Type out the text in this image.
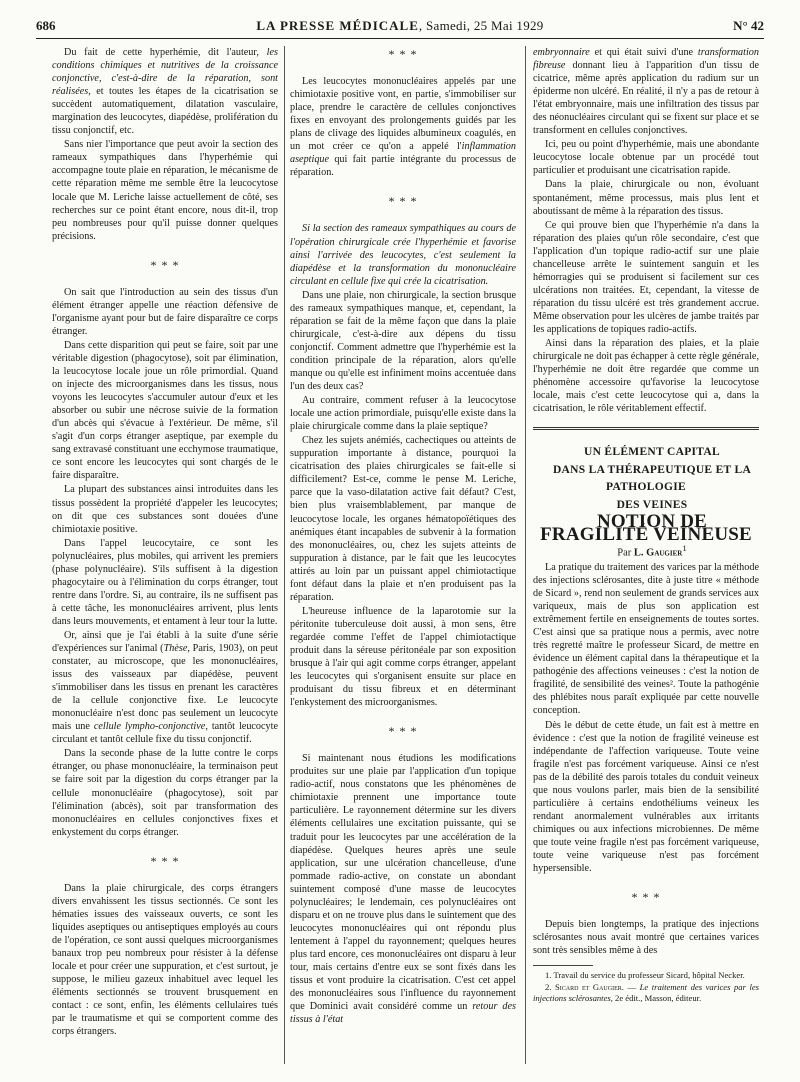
686	LA PRESSE MÉDICALE, Samedi, 25 Mai 1929	N° 42

Du fait de cette hyperhémie, dit l'auteur, les conditions chimiques et nutritives de la croissance conjonctive, c'est-à-dire de la réparation, sont réalisées, et toutes les étapes de la cicatrisation se succèdent automatiquement, dilatation vasculaire, margination des leucocytes, diapédèse, prolifération du tissu conjonctif, etc.

Sans nier l'importance que peut avoir la section des rameaux sympathiques dans l'hyperhémie qui accompagne toute plaie en réparation, le mécanisme de cette réparation même me semble être la leucocytose locale que M. Leriche laisse actuellement de côté, ses recherches sur ce point étant encore, nous dit-il, trop peu nombreuses pour qu'il puisse donner quelques précisions.

* * *

On sait que l'introduction au sein des tissus d'un élément étranger appelle une réaction défensive de l'organisme ayant pour but de faire disparaître ce corps étranger.

Dans cette disparition qui peut se faire, soit par une véritable digestion (phagocytose), soit par élimination, la leucocytose locale joue un rôle primordial. Quand on injecte des microorganismes dans les tissus, nous voyons les leucocytes s'accumuler autour d'eux et les absorber ou subir une nécrose suivie de la formation d'un abcès qui s'évacue à l'extérieur. De même, s'il s'agit d'un corps étranger aseptique, par exemple du sang extravasé constituant une ecchymose traumatique, ce sont encore les leucocytes qui sont chargés de le faire disparaître.

La plupart des substances ainsi introduites dans les tissus possèdent la propriété d'appeler les leucocytes; on dit que ces substances sont douées d'une chimiotaxie positive.

Dans l'appel leucocytaire, ce sont les polynucléaires, plus mobiles, qui arrivent les premiers (phase polynucléaire). S'ils suffisent à la digestion phagocytaire ou à l'élimination du corps étranger, tout rentre dans l'ordre. Si, au contraire, ils ne suffisent pas à cette tâche, les mononucléaires arrivent, plus lents dans leurs mouvements, et entament à leur tour la lutte.

Or, ainsi que je l'ai établi à la suite d'une série d'expériences sur l'animal (Thèse, Paris, 1903), on peut constater, au microscope, que les mononucléaires, issus des vaisseaux par diapédèse, peuvent s'immobiliser dans les tissus en prenant les caractères de la cellule conjonctive fixe. Le leucocyte mononucléaire n'est donc pas seulement un leucocyte mais une cellule lympho-conjonctive, tantôt leucocyte circulant et tantôt cellule fixe du tissu conjonctif.

Dans la seconde phase de la lutte contre le corps étranger, ou phase mononucléaire, la terminaison peut se faire soit par la digestion du corps étranger par la cellule mononucléaire (phagocytose), soit par l'élimination (abcès), soit par transformation des mononucléaires en cellules conjonctives fixes et enkystement du corps étranger.

* * *

Dans la plaie chirurgicale, des corps étrangers divers envahissent les tissus sectionnés. Ce sont les hématies issues des vaisseaux ouverts, ce sont les liquides aseptiques ou antiseptiques employés au cours de l'opération, ce sont aussi quelques microorganismes banaux trop peu nombreux pour résister à la défense locale et pour créer une suppuration, et c'est surtout, je suppose, le milieu gazeux inhabituel avec lequel les éléments sectionnés se trouvent brusquement en contact : ce sont, enfin, les éléments cellulaires tués par le traumatisme et qui se comportent comme des corps étrangers.

* * *

Les leucocytes mononucléaires appelés par une chimiotaxie positive vont, en partie, s'immobiliser sur place, prendre le caractère de cellules conjonctives fixes en envoyant des prolongements guidés par les plans de clivage des liquides albumineux coagulés, en un mot créer ce qu'on a appelé l'inflammation aseptique qui fait partie intégrante du processus de réparation.

* * *

Si la section des rameaux sympathiques au cours de l'opération chirurgicale crée l'hyperhémie et favorise ainsi l'arrivée des leucocytes, c'est seulement la diapédèse et la transformation du mononucléaire circulant en cellule fixe qui crée la cicatrisation.

Dans une plaie, non chirurgicale, la section brusque des rameaux sympathiques manque, et, cependant, la réparation se fait de la même façon que dans la plaie chirurgicale, c'est-à-dire aux dépens du tissu conjonctif. Comment admettre que l'hyperhémie est la condition principale de la réparation, alors qu'elle manque ou qu'elle est infiniment moins accentuée dans l'un des deux cas?

Au contraire, comment refuser à la leucocytose locale une action primordiale, puisqu'elle existe dans la plaie chirurgicale comme dans la plaie septique?

Chez les sujets anémiés, cachectiques ou atteints de suppuration importante à distance, pourquoi la cicatrisation des plaies chirurgicales se fait-elle si difficilement? Est-ce, comme le pense M. Leriche, parce que la vaso-dilatation active fait défaut? C'est, bien plus vraisemblablement, par manque de leucocytose locale, les organes hématopoïétiques des anémiques étant incapables de subvenir à la formation des mononucléaires, ou, chez les sujets atteints de suppuration à distance, par le fait que les leucocytes attirés au loin par un puissant appel chimiotactique font défaut dans la plaie et n'en produisent pas la réparation.

L'heureuse influence de la laparotomie sur la péritonite tuberculeuse doit aussi, à mon sens, être regardée comme l'effet de l'appel chimiotactique produit dans la séreuse péritonéale par son exposition brusque à l'air qui agit comme corps étranger, appelant les leucocytes qui s'organisent ensuite sur place en produisant du tissu fibreux et en déterminant l'enkystement des microorganismes.

* * *

Si maintenant nous étudions les modifications produites sur une plaie par l'application d'un topique radio-actif, nous constatons que les phénomènes de chimiotaxie prennent une importance toute particulière. Le rayonnement détermine sur les divers éléments cellulaires une excitation puissante, qui se traduit pour les leucocytes par une accélération de la diapédèse. Quelques heures après une seule application, sur une ulcération chancelleuse, d'une pommade radio-active, on constate un abondant suintement composé d'une masse de leucocytes polynucléaires; le lendemain, ces polynucléaires ont disparu et on ne trouve plus dans le suintement que des leucocytes mononucléaires qui ont répondu plus lentement à l'appel du rayonnement; quelques heures plus tard encore, ces mononucléaires ont disparu à leur tour, mais certains d'entre eux se sont fixés dans les tissus et vont produire la cicatrisation. C'est cet appel des mononucléaires sous l'influence du rayonnement que Dominici avait considéré comme un retour des tissus à l'état

embryonnaire et qui était suivi d'une transformation fibreuse donnant lieu à l'apparition d'un tissu de cicatrice, même après application du radium sur un épiderme non ulcéré. En réalité, il n'y a pas de retour à l'état embryonnaire, mais une infiltration des tissus par des néonucléaires circulant qui se fixent sur place et se transforment en cellules conjonctives.

Ici, peu ou point d'hyperhémie, mais une abondante leucocytose locale obtenue par un procédé tout particulier et produisant une cicatrisation rapide.

Dans la plaie, chirurgicale ou non, évoluant spontanément, même processus, mais plus lent et aboutissant de même à la réparation des tissus.

Ce qui prouve bien que l'hyperhémie n'a dans la réparation des plaies qu'un rôle secondaire, c'est que l'application d'un topique radio-actif sur une plaie chancelleuse arrête le suintement sanguin et les hémorragies qui se produisent si facilement sur ces ulcérations non traitées. Et, cependant, la vitesse de réparation du tissu ulcéré est très grandement accrue. Même observation pour les ulcères de jambe traités par les applications de topiques radio-actifs.

Ainsi dans la réparation des plaies, et la plaie chirurgicale ne doit pas échapper à cette règle générale, l'hyperhémie ne doit être regardée que comme un phénomène accessoire qu'favorise la leucocytose locale, mais c'est cette leucocytose qui a, dans la cicatrisation, le rôle véritablement effectif.

UN ÉLÉMENT CAPITAL

DANS LA THÉRAPEUTIQUE ET LA PATHOLOGIE

DES VEINES

NOTION DE FRAGILITÉ VEINEUSE

Par L. Gaugier$^1$

La pratique du traitement des varices par la méthode des injections sclérosantes, dite à juste titre « méthode de Sicard », rend non seulement de grands services aux variqueux, mais de plus son application est extrêmement fertile en enseignements de toutes sortes. C'est ainsi que sa pratique nous a permis, avec notre très regretté maître le professeur Sicard, de mettre en évidence un élément capital dans la thérapeutique et la pathogénie des affections veineuses : c'est la notion de fragilité, de sensibilité des veines². Toute la pathogénie des phlébites nous paraît expliquée par cette nouvelle conception.

Dès le début de cette étude, un fait est à mettre en évidence : c'est que la notion de fragilité veineuse est indépendante de l'affection variqueuse. Toute veine fragile n'est pas forcément variqueuse. Ainsi ce n'est pas de la débilité des parois totales du conduit veineux que nous voulons parler, mais bien de la sensibilité particulière à certains endothéliums veineux les rendant anormalement vulnérables aux irritants chimiques ou aux infections microbiennes. De même que toute veine fragile n'est pas forcément variqueuse, toute veine variqueuse n'est pas forcément hypersensible.

* * *

Depuis bien longtemps, la pratique des injections sclérosantes nous avait montré que certaines varices sont très sensibles même à des

1. Travail du service du professeur Sicard, hôpital Necker.

2. Sicard et Gaugier. — Le traitement des varices par les injections sclérosantes, 2e édit., Masson, éditeur.
